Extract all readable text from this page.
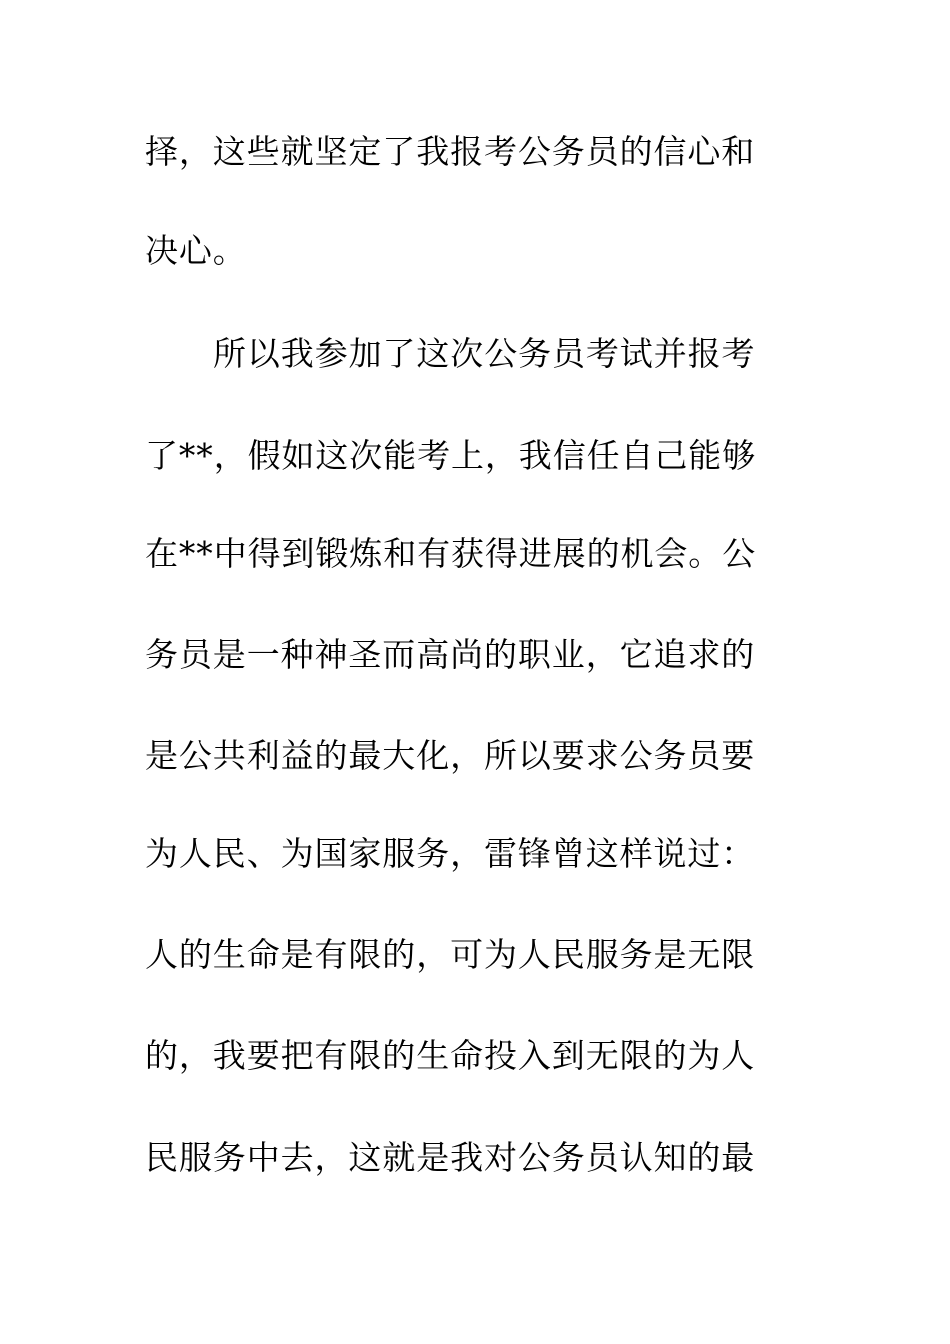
择，这些就坚定了我报考公务员的信心和
决心。
所以我参加了这次公务员考试并报考
了**，假如这次能考上，我信任自己能够
在**中得到锻炼和有获得进展的机会。公
务员是一种神圣而高尚的职业，它追求的
是公共利益的最大化，所以要求公务员要
为人民、为国家服务，雷锋曾这样说过：
人的生命是有限的，可为人民服务是无限
的，我要把有限的生命投入到无限的为人
民服务中去，这就是我对公务员认知的最
